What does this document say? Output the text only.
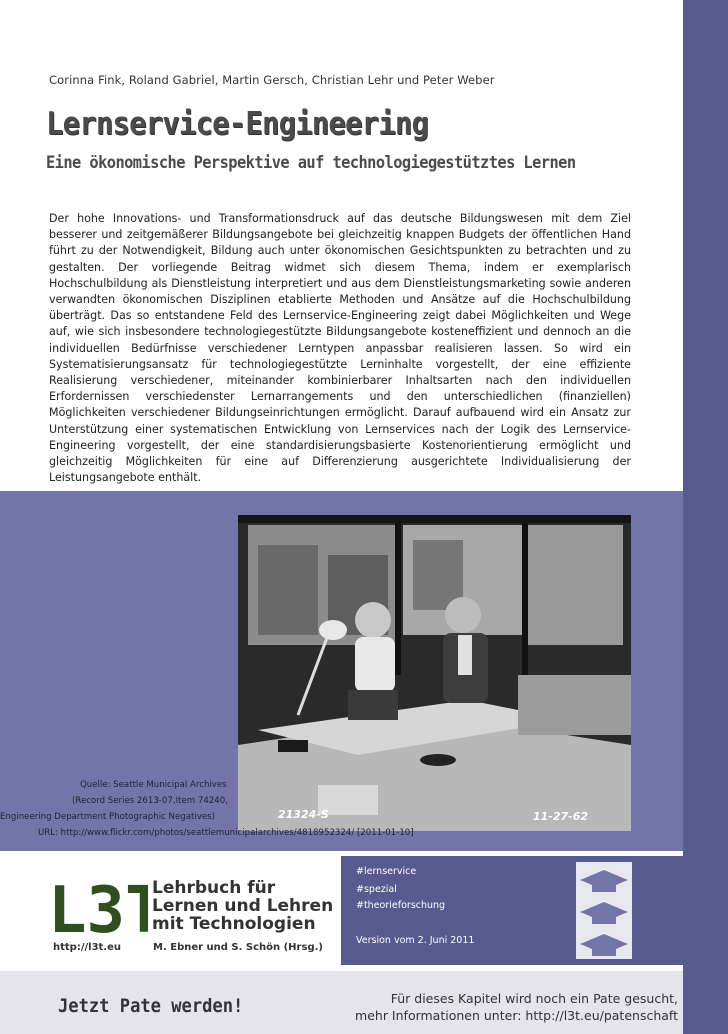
Corinna Fink, Roland Gabriel, Martin Gersch, Christian Lehr und Peter Weber
Lernservice-Engineering
Eine ökonomische Perspektive auf technologiegestütztes Lernen
Der hohe Innovations- und Transformationsdruck auf das deutsche Bildungswesen mit dem Ziel besserer und zeitgemäßerer Bildungsangebote bei gleichzeitig knappen Budgets der öffentlichen Hand führt zu der Notwendigkeit, Bildung auch unter ökonomischen Gesichtspunkten zu betrachten und zu gestalten. Der vorliegende Beitrag widmet sich diesem Thema, indem er exemplarisch Hochschulbildung als Dienstleistung interpretiert und aus dem Dienstleistungsmarketing sowie anderen verwandten ökonomischen Disziplinen etablierte Methoden und Ansätze auf die Hochschulbildung überträgt. Das so entstandene Feld des Lernservice-Engineering zeigt dabei Möglichkeiten und Wege auf, wie sich insbesondere technologiegestützte Bildungsangebote kosteneffizient und dennoch an die individuellen Bedürfnisse verschiedener Lerntypen anpassbar realisieren lassen. So wird ein Systematisierungsansatz für technologiegestützte Lerninhalte vorgestellt, der eine effiziente Realisierung verschiedener, miteinander kombinierbarer Inhaltsarten nach den individuellen Erfordernissen verschiedenster Lernarrangements und den unterschiedlichen (finanziellen) Möglichkeiten verschiedener Bildungseinrichtungen ermöglicht. Darauf aufbauend wird ein Ansatz zur Unterstützung einer systematischen Entwicklung von Lernservices nach der Logik des Lernservice-Engineering vorgestellt, der eine standardisierungsbasierte Kostenorientierung ermöglicht und gleichzeitig Möglichkeiten für eine auf Differenzierung ausgerichtete Individualisierung der Leistungsangebote enthält.
21324-S	11-27-62
Quelle: Seattle Municipal Archives
(Record Series 2613-07,Item 74240,
Engineering Department Photographic Negatives)
URL: http://www.flickr.com/photos/seattlemunicipalarchives/4818952324/ [2011-01-10]
L3T
Lehrbuch für
Lernen und Lehren
mit Technologien
http://l3t.eu	M. Ebner und S. Schön (Hrsg.)
#lernservice
#spezial
#theorieforschung
Version vom 2. Juni 2011
Jetzt Pate werden!	Für dieses Kapitel wird noch ein Pate gesucht,
mehr Informationen unter: http://l3t.eu/patenschaft
